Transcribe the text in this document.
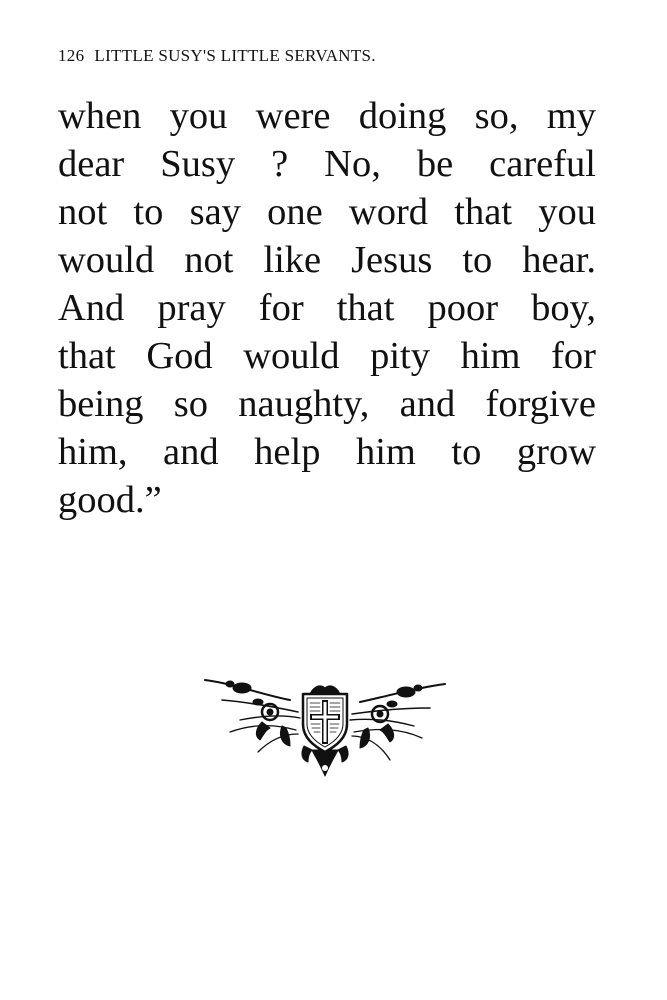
126 LITTLE SUSY'S LITTLE SERVANTS.
when you were doing so, my
dear Susy ? No, be careful
not to say one word that you
would not like Jesus to hear.
And pray for that poor boy,
that God would pity him for
being so naughty, and forgive
him, and help him to grow
good.”
